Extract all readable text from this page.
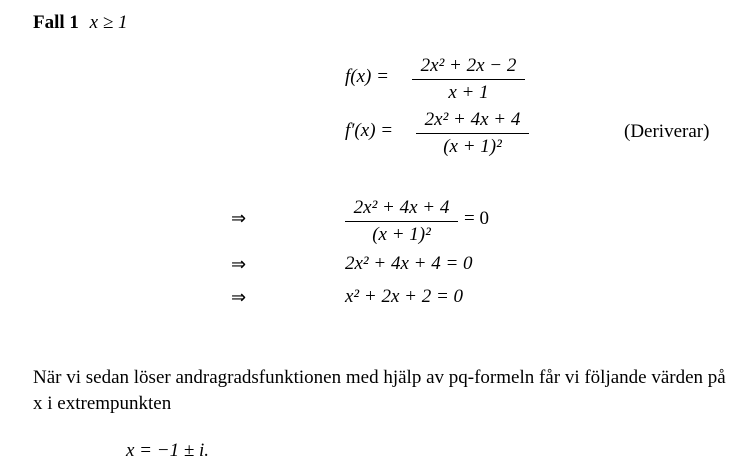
Fall 1 x ≥ 1
f(x) =
2x² + 2x − 2
x + 1
f′(x) =
2x² + 4x + 4
(x + 1)²
(Deriverar)
⇒
2x² + 4x + 4
(x + 1)²
= 0
⇒	2x² + 4x + 4 = 0
⇒	x² + 2x + 2 = 0
När vi sedan löser andragradsfunktionen med hjälp av pq-formeln får vi följande värden på x i extrempunkten
x = −1 ± i.
